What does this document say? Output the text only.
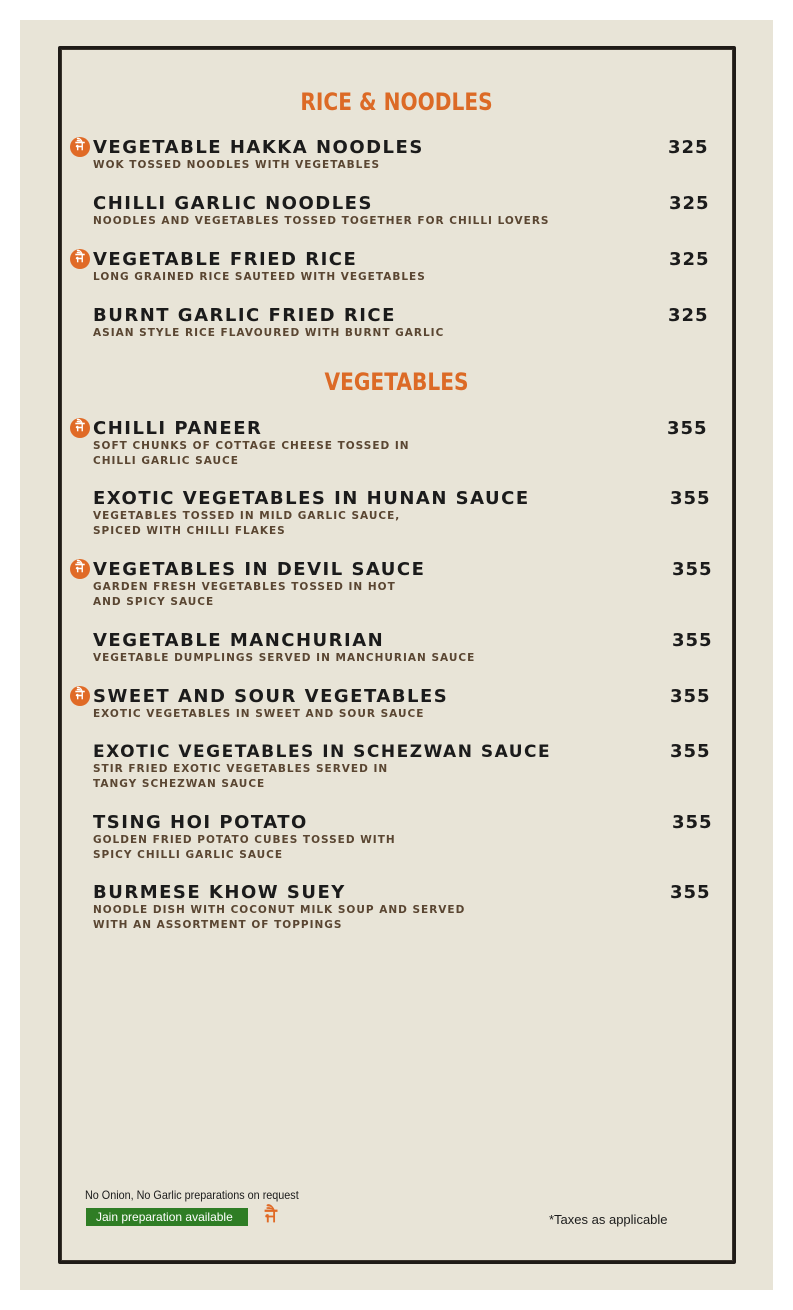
RICE & NOODLES
ਜੈ VEGETABLE HAKKA NOODLES
WOK TOSSED NOODLES WITH VEGETABLES
325
CHILLI GARLIC NOODLES
NOODLES AND VEGETABLES TOSSED TOGETHER FOR CHILLI LOVERS
325
ਜੈ VEGETABLE FRIED RICE
LONG GRAINED RICE SAUTEED WITH VEGETABLES
325
BURNT GARLIC FRIED RICE
ASIAN STYLE RICE FLAVOURED WITH BURNT GARLIC
325
VEGETABLES
ਜੈ CHILLI PANEER
SOFT CHUNKS OF COTTAGE CHEESE TOSSED IN
CHILLI GARLIC SAUCE
355
EXOTIC VEGETABLES IN HUNAN SAUCE
VEGETABLES TOSSED IN MILD GARLIC SAUCE,
SPICED WITH CHILLI FLAKES
355
ਜੈ VEGETABLES IN DEVIL SAUCE
GARDEN FRESH VEGETABLES TOSSED IN HOT
AND SPICY SAUCE
355
VEGETABLE MANCHURIAN
VEGETABLE DUMPLINGS SERVED IN MANCHURIAN SAUCE
355
ਜੈ SWEET AND SOUR VEGETABLES
EXOTIC VEGETABLES IN SWEET AND SOUR SAUCE
355
EXOTIC VEGETABLES IN SCHEZWAN SAUCE
STIR FRIED EXOTIC VEGETABLES SERVED IN
TANGY SCHEZWAN SAUCE
355
TSING HOI POTATO
GOLDEN FRIED POTATO CUBES TOSSED WITH
SPICY CHILLI GARLIC SAUCE
355
BURMESE KHOW SUEY
NOODLE DISH WITH COCONUT MILK SOUP AND SERVED
WITH AN ASSORTMENT OF TOPPINGS
355
No Onion, No Garlic preparations on request
Jain preparation available	ਜੈ	*Taxes as applicable
